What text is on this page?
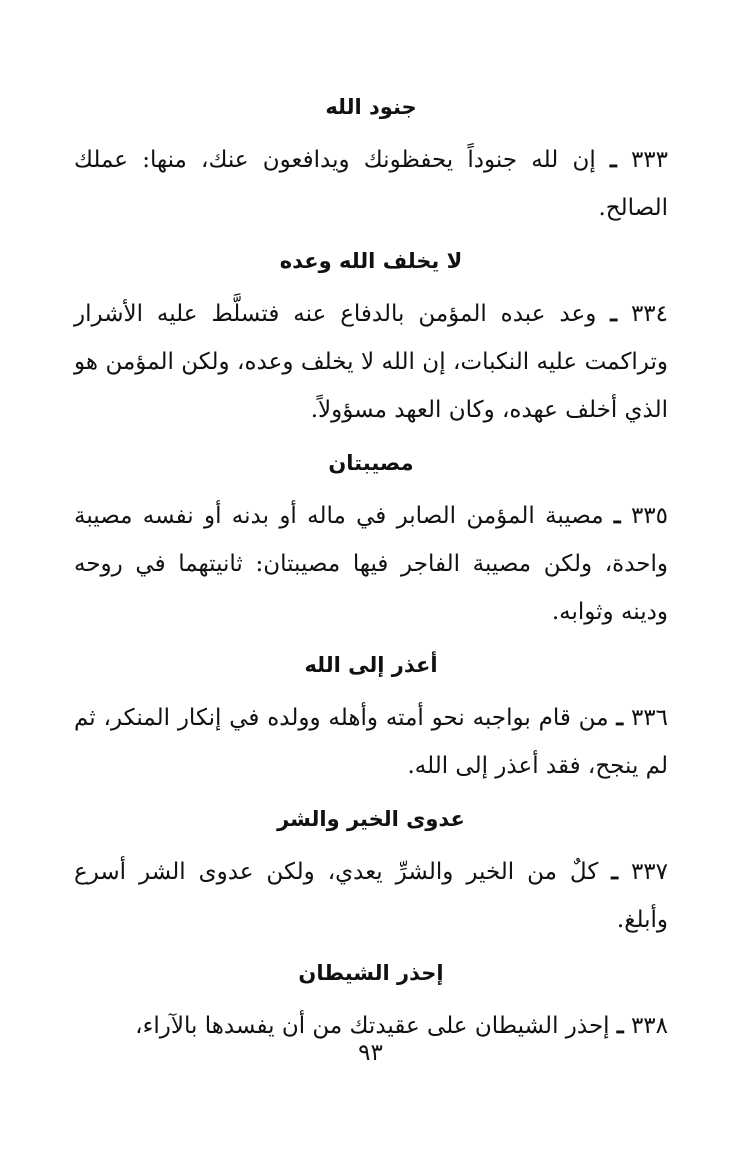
جنود الله

٣٣٣ ـ إن لله جنوداً يحفظونك ويدافعون عنك، منها: عملك الصالح.

لا يخلف الله وعده

٣٣٤ ـ وعد عبده المؤمن بالدفاع عنه فتسلَّط عليه الأشرار وتراكمت عليه النكبات، إن الله لا يخلف وعده، ولكن المؤمن هو الذي أخلف عهده، وكان العهد مسؤولاً.

مصيبتان

٣٣٥ ـ مصيبة المؤمن الصابر في ماله أو بدنه أو نفسه مصيبة واحدة، ولكن مصيبة الفاجر فيها مصيبتان: ثانيتهما في روحه ودينه وثوابه.

أعذر إلى الله

٣٣٦ ـ من قام بواجبه نحو أمته وأهله وولده في إنكار المنكر، ثم لم ينجح، فقد أعذر إلى الله.

عدوى الخير والشر

٣٣٧ ـ كلٌ من الخير والشرِّ يعدي، ولكن عدوى الشر أسرع وأبلغ.

إحذر الشيطان

٣٣٨ ـ إحذر الشيطان على عقيدتك من أن يفسدها بالآراء،

٩٣
